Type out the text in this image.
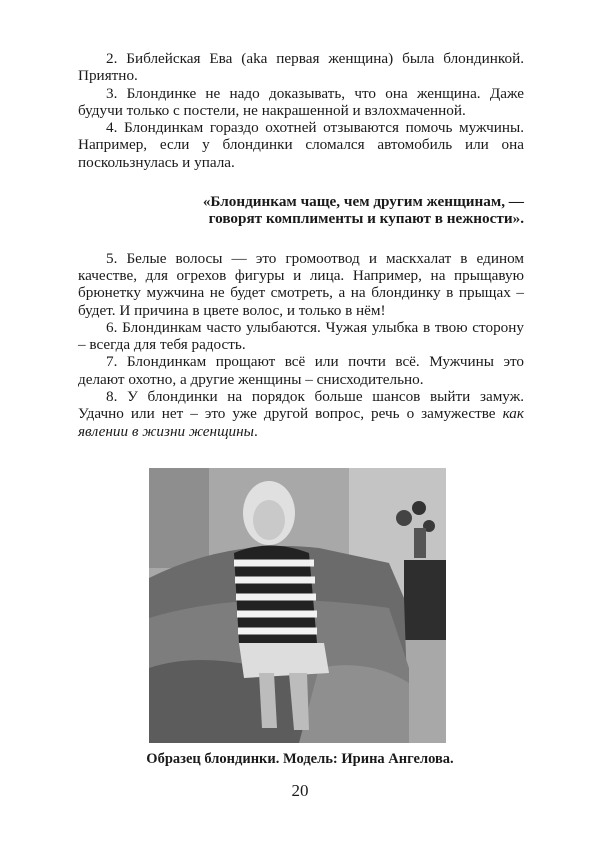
2. Библейская Ева (aka первая женщина) была блондинкой. Приятно.

3. Блондинке не надо доказывать, что она женщина. Даже будучи только с постели, не накрашенной и взлохмаченной.

4. Блондинкам гораздо охотней отзываются помочь мужчины. Например, если у блондинки сломался автомобиль или она поскользнулась и упала.

«Блондинкам чаще, чем другим женщинам, —
говорят комплименты и купают в нежности».

5. Белые волосы — это громоотвод и маскхалат в едином качестве, для огрехов фигуры и лица. Например, на прыщавую брюнетку мужчина не будет смотреть, а на блондинку в прыщах – будет. И причина в цвете волос, и только в нём!

6. Блондинкам часто улыбаются. Чужая улыбка в твою сторону – всегда для тебя радость.

7. Блондинкам прощают всё или почти всё. Мужчины это делают охотно, а другие женщины – снисходительно.

8. У блондинки на порядок больше шансов выйти замуж. Удачно или нет – это уже другой вопрос, речь о замужестве как явлении в жизни женщины.

Образец блондинки. Модель: Ирина Ангелова.
20
